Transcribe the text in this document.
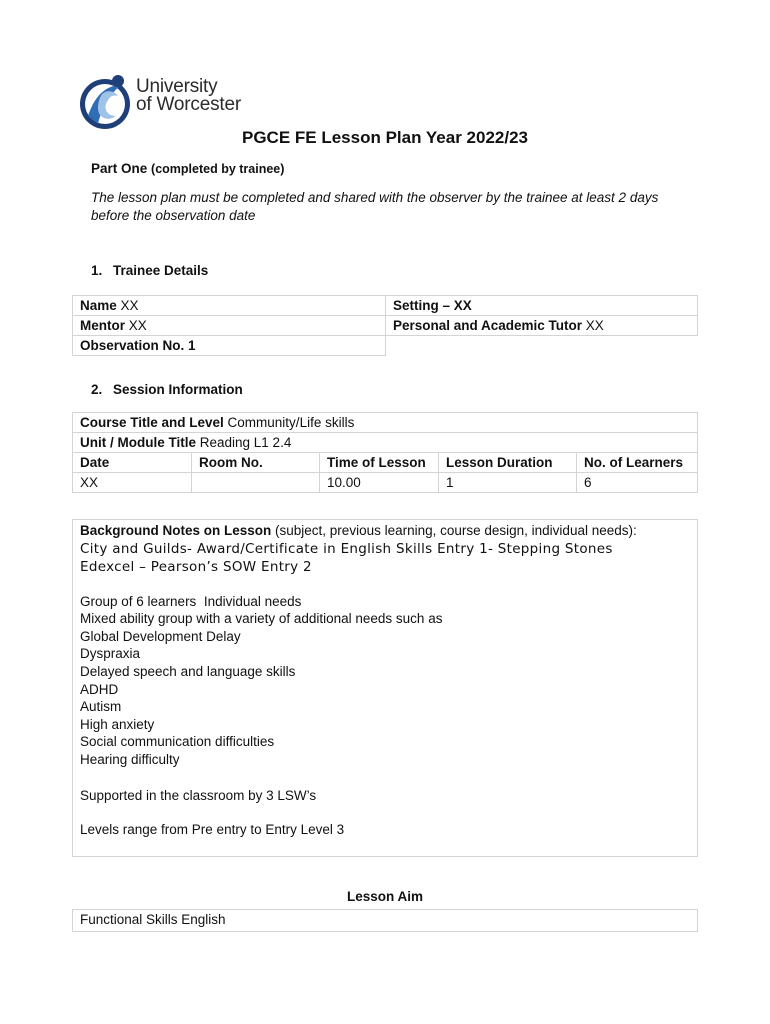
University
of Worcester
PGCE FE Lesson Plan Year 2022/23
Part One (completed by trainee)
The lesson plan must be completed and shared with the observer by the trainee at least 2 days
before the observation date
1. Trainee Details
Name XX	Setting – XX
Mentor XX	Personal and Academic Tutor XX
Observation No. 1	
2. Session Information
Course Title and Level Community/Life skills				
Unit / Module Title Reading L1 2.4				
Date	Room No.	Time of Lesson	Lesson Duration	No. of Learners
XX		10.00	1	6
Background Notes on Lesson (subject, previous learning, course design, individual needs):
City and Guilds- Award/Certificate in English Skills Entry 1- Stepping Stones
Edexcel – Pearson’s SOW Entry 2
Group of 6 learners  Individual needs
Mixed ability group with a variety of additional needs such as
Global Development Delay
Dyspraxia
Delayed speech and language skills
ADHD
Autism
High anxiety
Social communication difficulties
Hearing difficulty
Supported in the classroom by 3 LSW’s
Levels range from Pre entry to Entry Level 3
Lesson Aim
Functional Skills English
